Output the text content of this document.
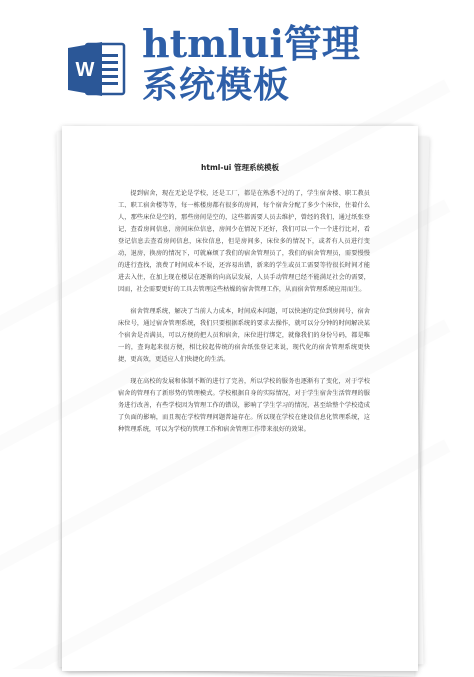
W
htmlui管理
系统模板
html-ui 管理系统模板

提到宿舍，现在无论是学校，还是工厂，都是在熟悉不过的了，学生宿舍楼、职工教员工、职工宿舍楼等等，每一栋楼房都有很多的房间，每个宿舍分配了多少个床位，住着什么人，那些床位是空的，那些房间是空的，这些都需要人员去维护，曾经的我们，通过纸张登记，查看房间信息，房间床位信息，房间少在情况下还好，我们可以一个一个进行比对，看登记信息去查看房间信息，床位信息，但是房间多，床位多的情况下，或者有人员进行变动，退房，换房的情况下，可就麻烦了我们的宿舍管理员了，我们的宿舍管理员，需要慢慢的进行查找，浪费了时间成本不说，还容易出错，新来的学生或员工需要等待很长时间才能进去入住，在加上现在楼层在逐渐的向高层发展，人员手动管理已经不能满足社会的需要，因而，社会需要更好的工具去管理这些枯燥的宿舍管理工作，从而宿舍管理系统应用而生。

宿舍管理系统，解决了当前人力成本，时间成本问题，可以快速的定位到房间号，宿舍床位号，通过宿舍管理系统，我们只要根据系统的要求去操作，就可以分分钟的时间解决某个宿舍是否满员，可以方便的把人员和宿舍，床位进行绑定，就像我们的身份号码，都是唯一的，查询起来很方便，相比较起传统的宿舍纸张登记来说，现代化的宿舍管理系统更快捷，更高效，更适应人们快捷化的生活。

现在高校的发展和体制不断的进行了完善，所以学校的服务也逐渐有了变化，对于学校宿舍的管理有了新形势的管理模式。学校根据自身的实际情况，对于学生宿舍生活管理的服务进行改善，有些学校因为管理工作的错误，影响了学生学习的情况，甚至给整个学校造成了负面的影响，而且现在学校管理问题普遍存在。所以现在学校在建设信息化管理系统，这种管理系统，可以为学校的管理工作和宿舍管理工作带来很好的效果。
